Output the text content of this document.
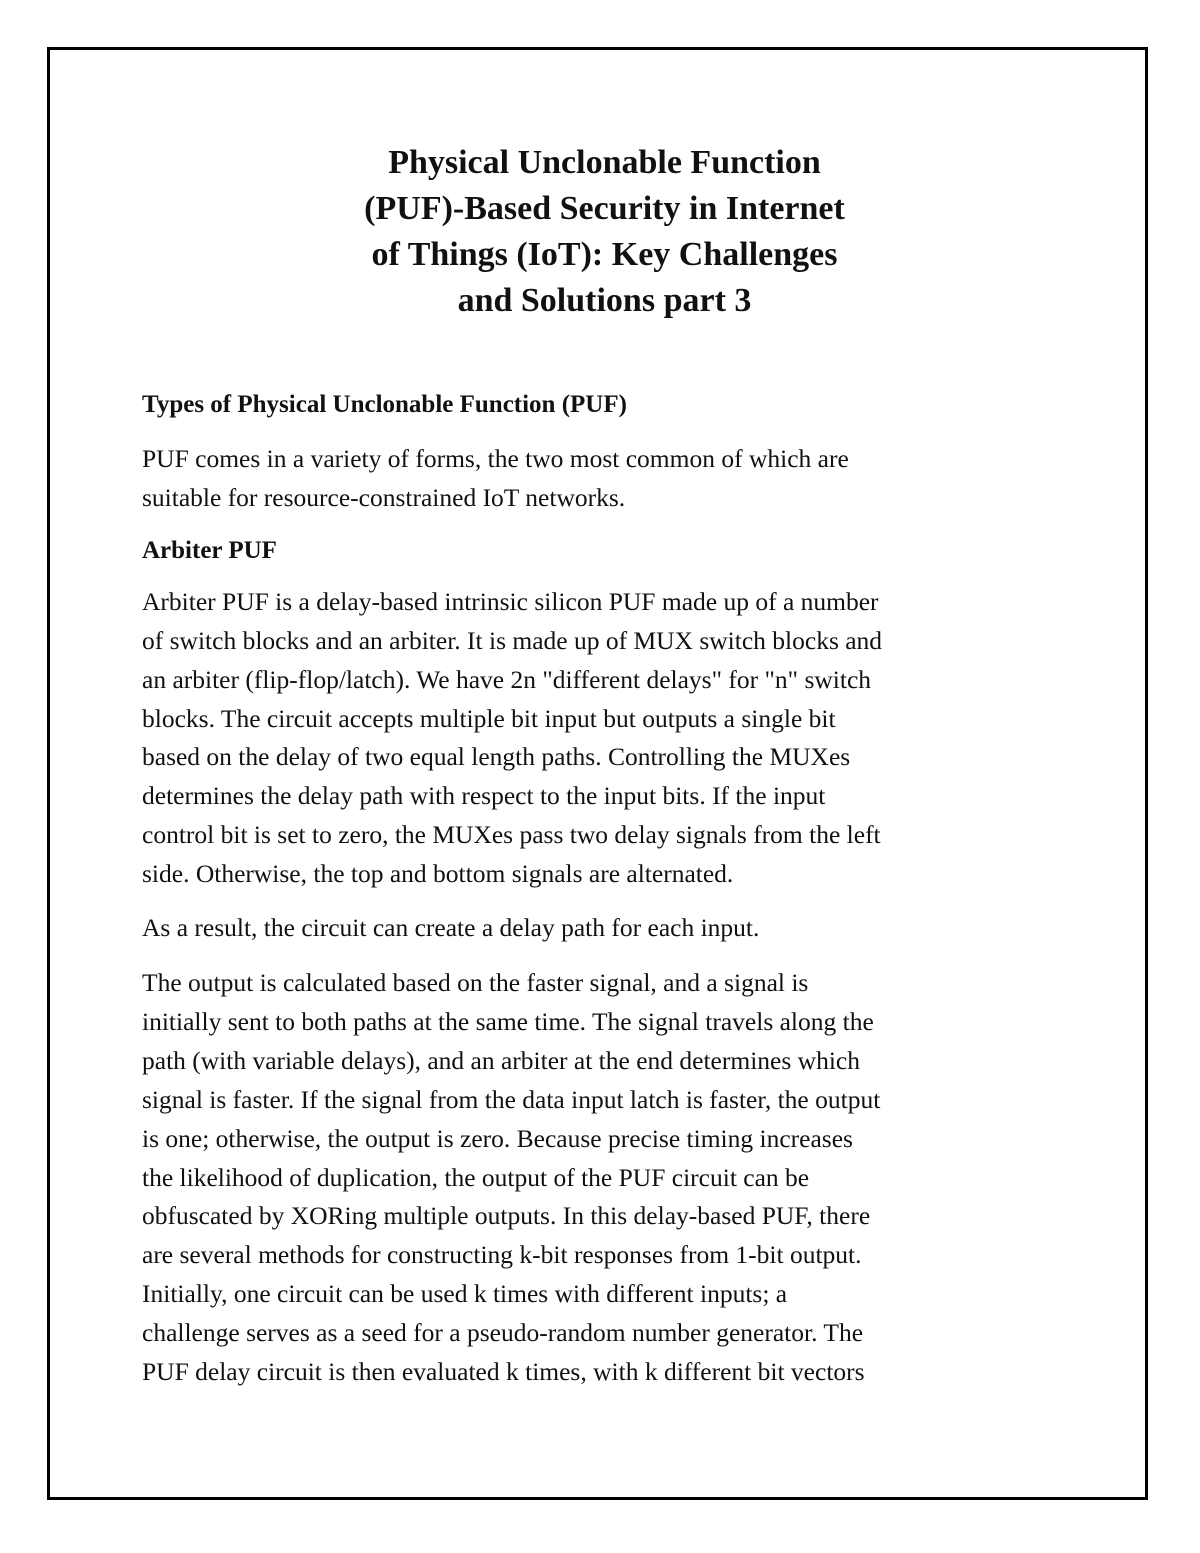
Physical Unclonable Function
(PUF)-Based Security in Internet
of Things (IoT): Key Challenges
and Solutions part 3
Types of Physical Unclonable Function (PUF)

PUF comes in a variety of forms, the two most common of which are
suitable for resource-constrained IoT networks.

Arbiter PUF

Arbiter PUF is a delay-based intrinsic silicon PUF made up of a number
of switch blocks and an arbiter. It is made up of MUX switch blocks and
an arbiter (flip-flop/latch). We have 2n "different delays" for "n" switch
blocks. The circuit accepts multiple bit input but outputs a single bit
based on the delay of two equal length paths. Controlling the MUXes
determines the delay path with respect to the input bits. If the input
control bit is set to zero, the MUXes pass two delay signals from the left
side. Otherwise, the top and bottom signals are alternated.

As a result, the circuit can create a delay path for each input.

The output is calculated based on the faster signal, and a signal is
initially sent to both paths at the same time. The signal travels along the
path (with variable delays), and an arbiter at the end determines which
signal is faster. If the signal from the data input latch is faster, the output
is one; otherwise, the output is zero. Because precise timing increases
the likelihood of duplication, the output of the PUF circuit can be
obfuscated by XORing multiple outputs. In this delay-based PUF, there
are several methods for constructing k-bit responses from 1-bit output.
Initially, one circuit can be used k times with different inputs; a
challenge serves as a seed for a pseudo-random number generator. The
PUF delay circuit is then evaluated k times, with k different bit vectors
